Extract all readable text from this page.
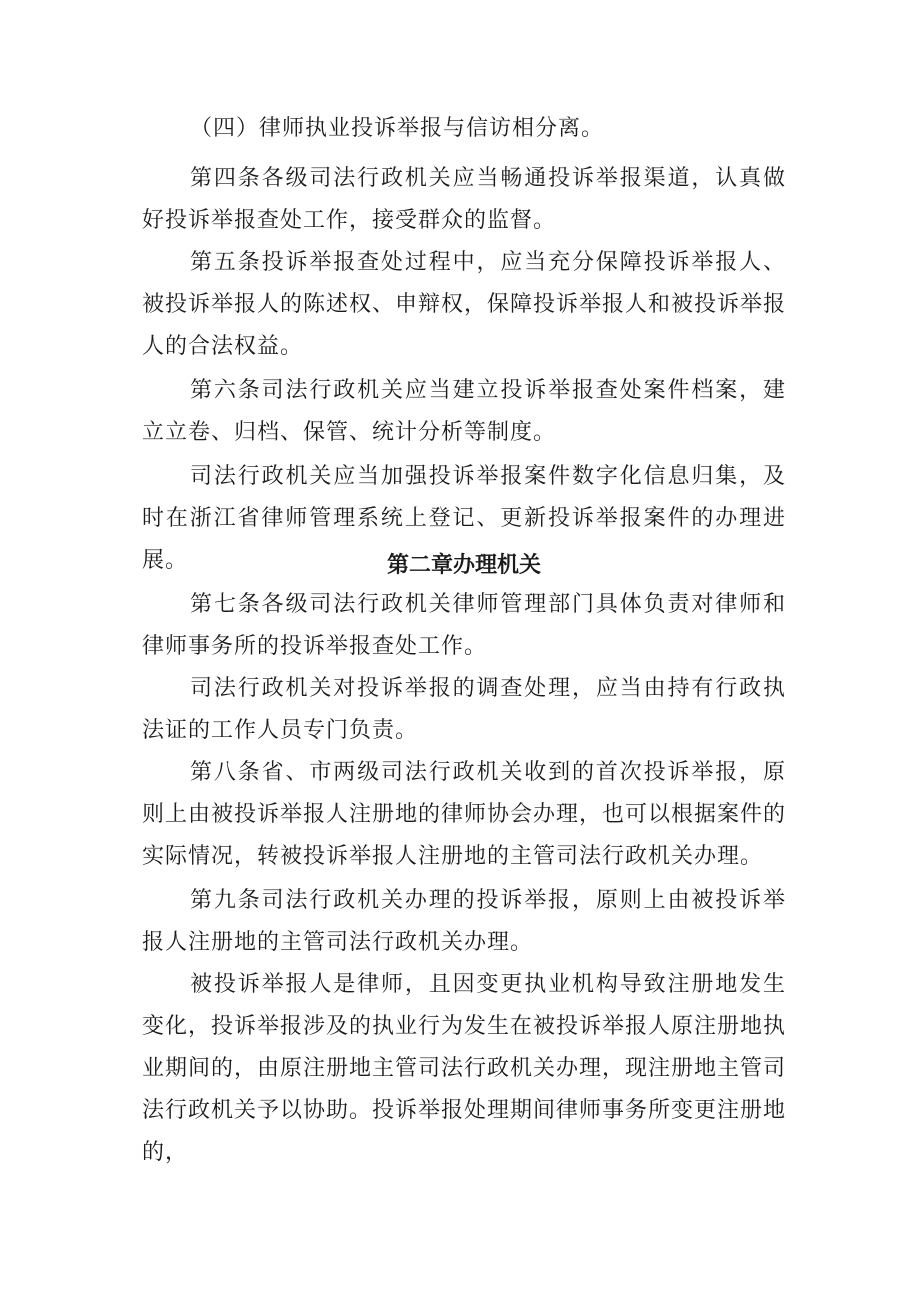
（四）律师执业投诉举报与信访相分离。

第四条各级司法行政机关应当畅通投诉举报渠道，认真做好投诉举报查处工作，接受群众的监督。

第五条投诉举报查处过程中，应当充分保障投诉举报人、被投诉举报人的陈述权、申辩权，保障投诉举报人和被投诉举报人的合法权益。

第六条司法行政机关应当建立投诉举报查处案件档案，建立立卷、归档、保管、统计分析等制度。

司法行政机关应当加强投诉举报案件数字化信息归集，及时在浙江省律师管理系统上登记、更新投诉举报案件的办理进展。	第二章办理机关

第七条各级司法行政机关律师管理部门具体负责对律师和律师事务所的投诉举报查处工作。

司法行政机关对投诉举报的调查处理，应当由持有行政执法证的工作人员专门负责。

第八条省、市两级司法行政机关收到的首次投诉举报，原则上由被投诉举报人注册地的律师协会办理，也可以根据案件的实际情况，转被投诉举报人注册地的主管司法行政机关办理。

第九条司法行政机关办理的投诉举报，原则上由被投诉举报人注册地的主管司法行政机关办理。

被投诉举报人是律师，且因变更执业机构导致注册地发生变化，投诉举报涉及的执业行为发生在被投诉举报人原注册地执业期间的，由原注册地主管司法行政机关办理，现注册地主管司法行政机关予以协助。投诉举报处理期间律师事务所变更注册地的，
